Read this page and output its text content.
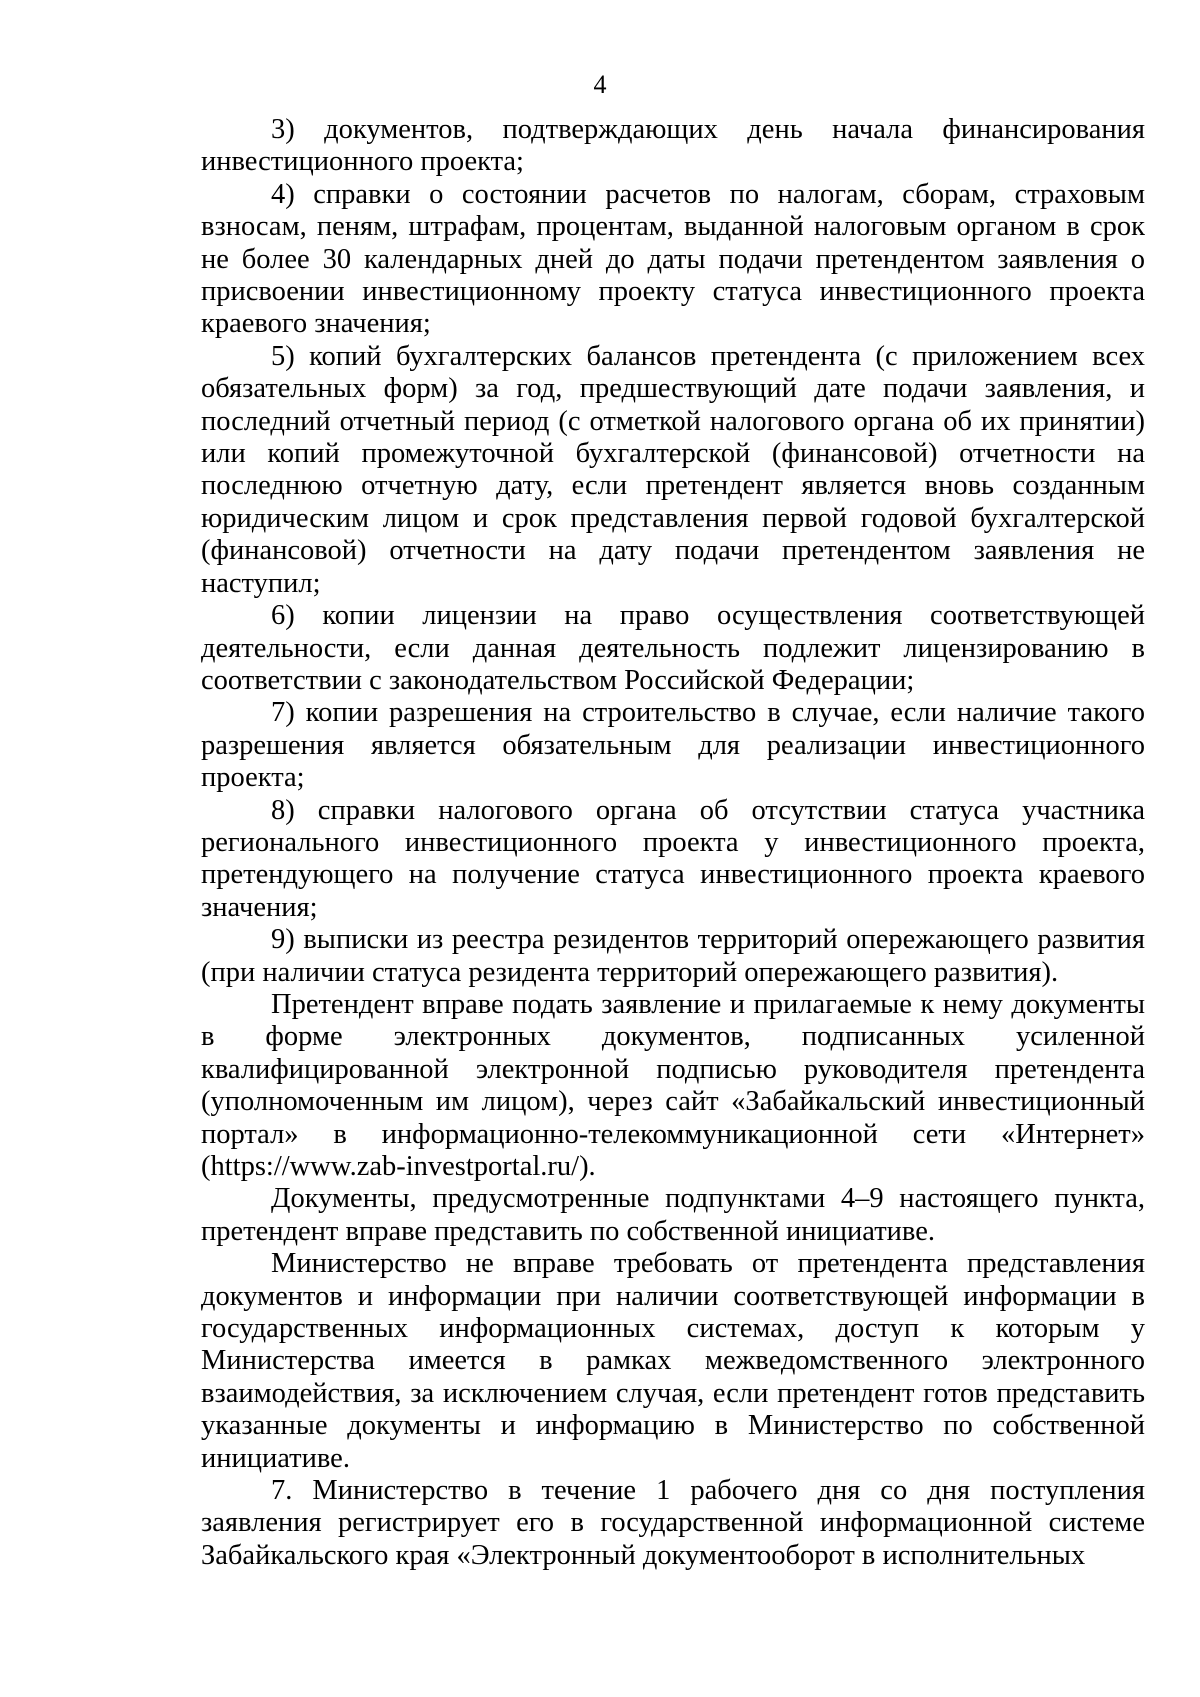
4

3) документов, подтверждающих день начала финансирования инвестиционного проекта;

4) справки о состоянии расчетов по налогам, сборам, страховым взносам, пеням, штрафам, процентам, выданной налоговым органом в срок не более 30 календарных дней до даты подачи претендентом заявления о присвоении инвестиционному проекту статуса инвестиционного проекта краевого значения;

5) копий бухгалтерских балансов претендента (с приложением всех обязательных форм) за год, предшествующий дате подачи заявления, и последний отчетный период (с отметкой налогового органа об их принятии) или копий промежуточной бухгалтерской (финансовой) отчетности на последнюю отчетную дату, если претендент является вновь созданным юридическим лицом и срок представления первой годовой бухгалтерской (финансовой) отчетности на дату подачи претендентом заявления не наступил;

6) копии лицензии на право осуществления соответствующей деятельности, если данная деятельность подлежит лицензированию в соответствии с законодательством Российской Федерации;

7) копии разрешения на строительство в случае, если наличие такого разрешения является обязательным для реализации инвестиционного проекта;

8) справки налогового органа об отсутствии статуса участника регионального инвестиционного проекта у инвестиционного проекта, претендующего на получение статуса инвестиционного проекта краевого значения;

9) выписки из реестра резидентов территорий опережающего развития (при наличии статуса резидента территорий опережающего развития).

Претендент вправе подать заявление и прилагаемые к нему документы в форме электронных документов, подписанных усиленной квалифицированной электронной подписью руководителя претендента (уполномоченным им лицом), через сайт «Забайкальский инвестиционный портал» в информационно-телекоммуникационной сети «Интернет» (https://www.zab-investportal.ru/).

Документы, предусмотренные подпунктами 4–9 настоящего пункта, претендент вправе представить по собственной инициативе.

Министерство не вправе требовать от претендента представления документов и информации при наличии соответствующей информации в государственных информационных системах, доступ к которым у Министерства имеется в рамках межведомственного электронного взаимодействия, за исключением случая, если претендент готов представить указанные документы и информацию в Министерство по собственной инициативе.

7. Министерство в течение 1 рабочего дня со дня поступления заявления регистрирует его в государственной информационной системе Забайкальского края «Электронный документооборот в исполнительных
